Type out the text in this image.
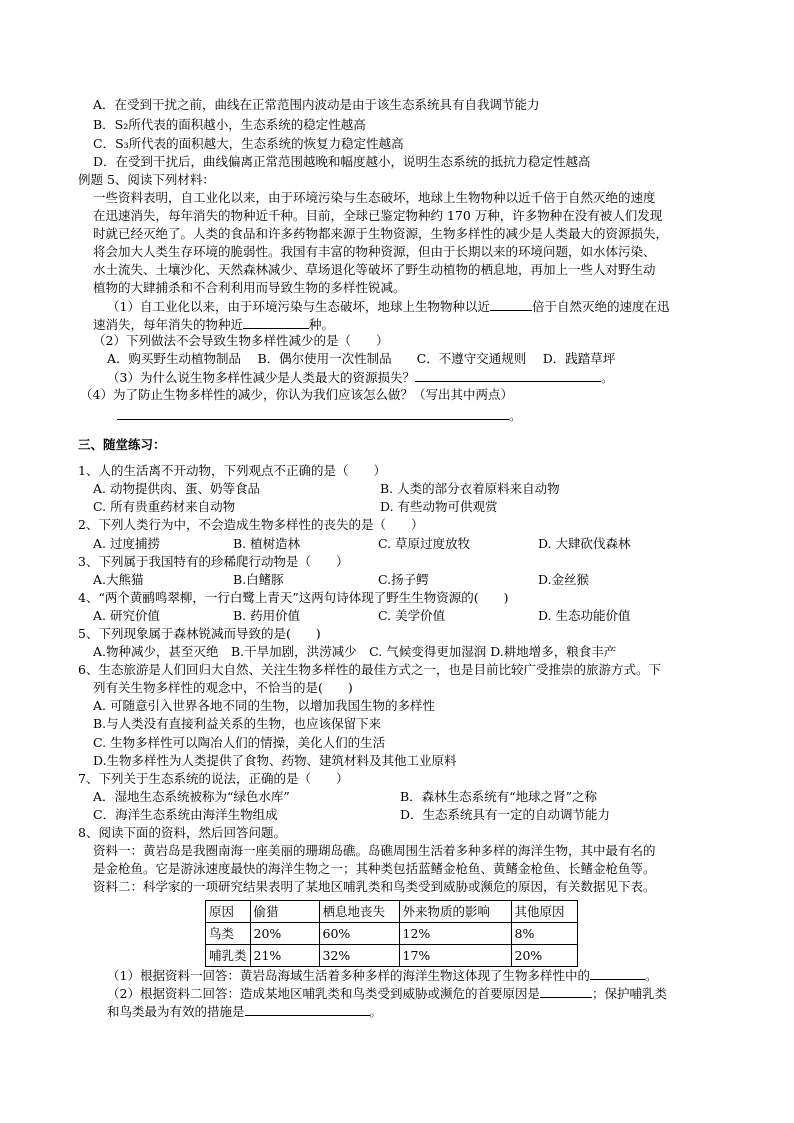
A．在受到干扰之前，曲线在正常范围内波动是由于该生态系统具有自我调节能力
B．S₂所代表的面积越小，生态系统的稳定性越高
C．S₃所代表的面积越大，生态系统的恢复力稳定性越高
D．在受到干扰后，曲线偏离正常范围越晚和幅度越小，说明生态系统的抵抗力稳定性越高
例题 5、阅读下列材料：
一些资料表明，自工业化以来，由于环境污染与生态破坏，地球上生物物种以近千倍于自然灭绝的速度
在迅速消失，每年消失的物种近千种。目前，全球已鉴定物种约 170 万种，许多物种在没有被人们发现
时就已经灭绝了。人类的食品和许多药物都来源于生物资源，生物多样性的减少是人类最大的资源损失，
将会加大人类生存环境的脆弱性。我国有丰富的物种资源，但由于长期以来的环境问题，如水体污染、
水土流失、土壤沙化、天然森林减少、草场退化等破坏了野生动植物的栖息地，再加上一些人对野生动
植物的大肆捕杀和不合利利用而导致生物的多样性锐减。
（2）下列做法不会导致生物多样性减少的是（　　）
A．购买野生动植物制品　 B．偶尔使用一次性制品　　C．不遵守交通规则　 D．践踏草坪
（1）自工业化以来，由于环境污染与生态破坏，地球上生物物种以近	倍于自然灭绝的速度在迅
速消失，每年消失的物种近	种。
（3）为什么说生物多样性减少是人类最大的资源损失？	。
（4）为了防止生物多样性的减少，你认为我们应该怎么做？（写出其中两点）
。
三、随堂练习：
1、人的生活离不开动物，下列观点不正确的是（　　）
A. 动物提供肉、蛋、奶等食品	B. 人类的部分衣着原料来自动物
C. 所有贵重药材来自动物	D. 有些动物可供观赏
2、下列人类行为中，不会造成生物多样性的丧失的是（　　）
A. 过度捕捞	B. 植树造林	C. 草原过度放牧	D. 大肆砍伐森林
3、下列属于我国特有的珍稀爬行动物是（　　）
A.大熊猫	B.白鳍豚	C.扬子鳄	D.金丝猴
4、“两个黄鹂鸣翠柳，一行白鹭上青天”这两句诗体现了野生生物资源的(　　)
A. 研究价值	B. 药用价值	C. 美学价值	D. 生态功能价值
5、下列现象属于森林锐减而导致的是(　　)
A.物种减少，甚至灭绝　B.干旱加剧，洪涝减少　C. 气候变得更加湿润 D.耕地增多，粮食丰产
6、生态旅游是人们回归大自然、关注生物多样性的最佳方式之一，也是目前比较广受推崇的旅游方式。下
列有关生物多样性的观念中，不恰当的是(　　)
A. 可随意引入世界各地不同的生物，以增加我国生物的多样性
B.与人类没有直接利益关系的生物，也应该保留下来
C. 生物多样性可以陶冶人们的情操，美化人们的生活
D.生物多样性为人类提供了食物、药物、建筑材料及其他工业原料
7、下列关于生态系统的说法，正确的是（　　）
A．湿地生态系统被称为“绿色水库”	B．森林生态系统有“地球之肾”之称
C．海洋生态系统由海洋生物组成	D．生态系统具有一定的自动调节能力
8、阅读下面的资料，然后回答问题。
资料一：黄岩岛是我圈南海一座美丽的珊瑚岛礁。岛礁周围生活着多种多样的海洋生物，其中最有名的
是金枪鱼。它是游泳速度最快的海洋生物之一；其种类包括蓝鳍金枪鱼、黄鳍金枪鱼、长鳍金枪鱼等。
资料二：科学家的一项研究结果表明了某地区哺乳类和鸟类受到威胁或濒危的原因，有关数据见下表。
原因	偷猎	栖息地丧失	外来物质的影响	其他原因
鸟类	20%	60%	12%	8%
哺乳类	21%	32%	17%	20%
（1）根据资料一回答：黄岩岛海域生活着多种多样的海洋生物这体现了生物多样性中的	。
（2）根据资料二回答：造成某地区哺乳类和鸟类受到威胁或濒危的首要原因是	；保护哺乳类
和鸟类最为有效的措施是	。
